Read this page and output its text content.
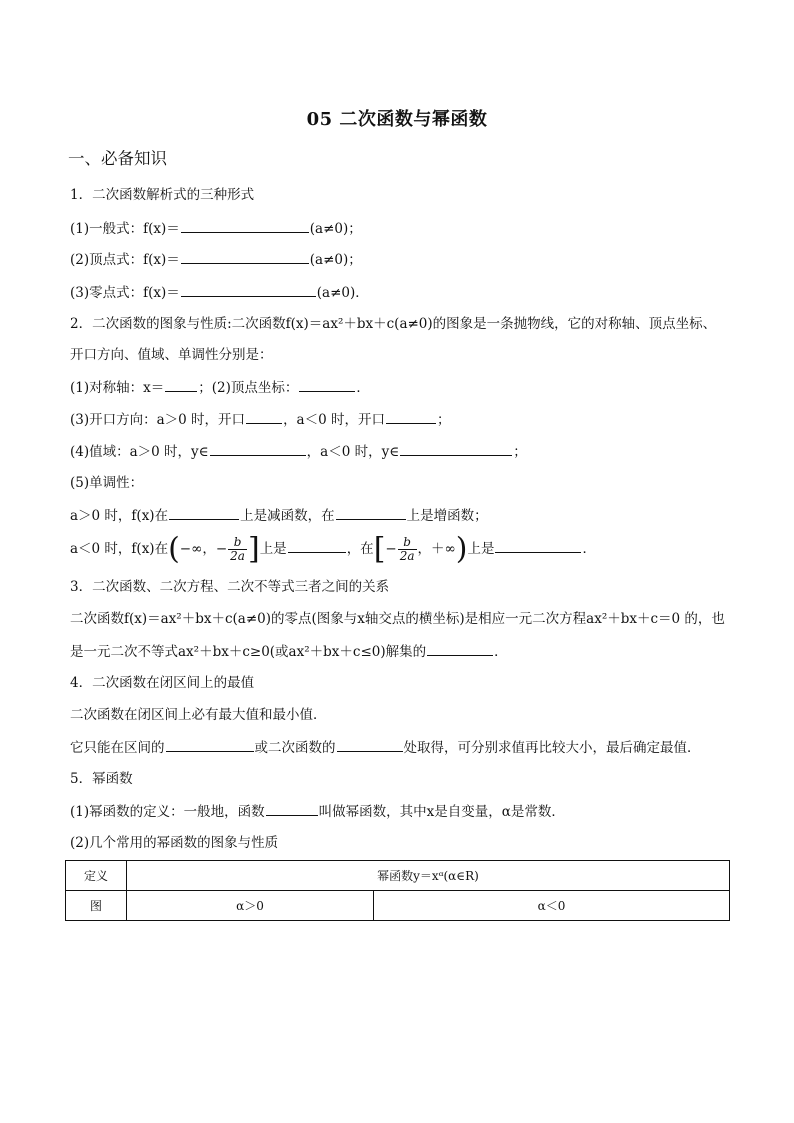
05 二次函数与幂函数
一、必备知识
1．二次函数解析式的三种形式
(1)一般式：f(x)＝	(a≠0)；
(2)顶点式：f(x)＝	(a≠0)；
(3)零点式：f(x)＝	(a≠0)．
2．二次函数的图象与性质:二次函数f(x)＝ax²＋bx＋c(a≠0)的图象是一条抛物线，它的对称轴、顶点坐标、
开口方向、值域、单调性分别是：
(1)对称轴：x＝	；(2)顶点坐标：	．
(3)开口方向：a＞0 时，开口	，a＜0 时，开口	；
(4)值域：a＞0 时，y∈	，a＜0 时，y∈	；
(5)单调性：
a＞0 时，f(x)在	上是减函数，在	上是增函数；
a＜0 时，f(x)在(−∞，− $\frac{b}{2a}$ ]上是	，在[− $\frac{b}{2a}$ ，＋∞)上是	．
3．二次函数、二次方程、二次不等式三者之间的关系
二次函数f(x)＝ax²＋bx＋c(a≠0)的零点(图象与x轴交点的横坐标)是相应一元二次方程ax²＋bx＋c＝0 的，也
是一元二次不等式ax²＋bx＋c≥0(或ax²＋bx＋c≤0)解集的	．
4．二次函数在闭区间上的最值
二次函数在闭区间上必有最大值和最小值．
它只能在区间的	或二次函数的	处取得，可分别求值再比较大小，最后确定最值．
5．幂函数
(1)幂函数的定义：一般地，函数	叫做幂函数，其中x是自变量，α是常数．
(2)几个常用的幂函数的图象与性质
定义	幂函数y＝xᵅ(α∈R)	
图	α＞0	α＜0
